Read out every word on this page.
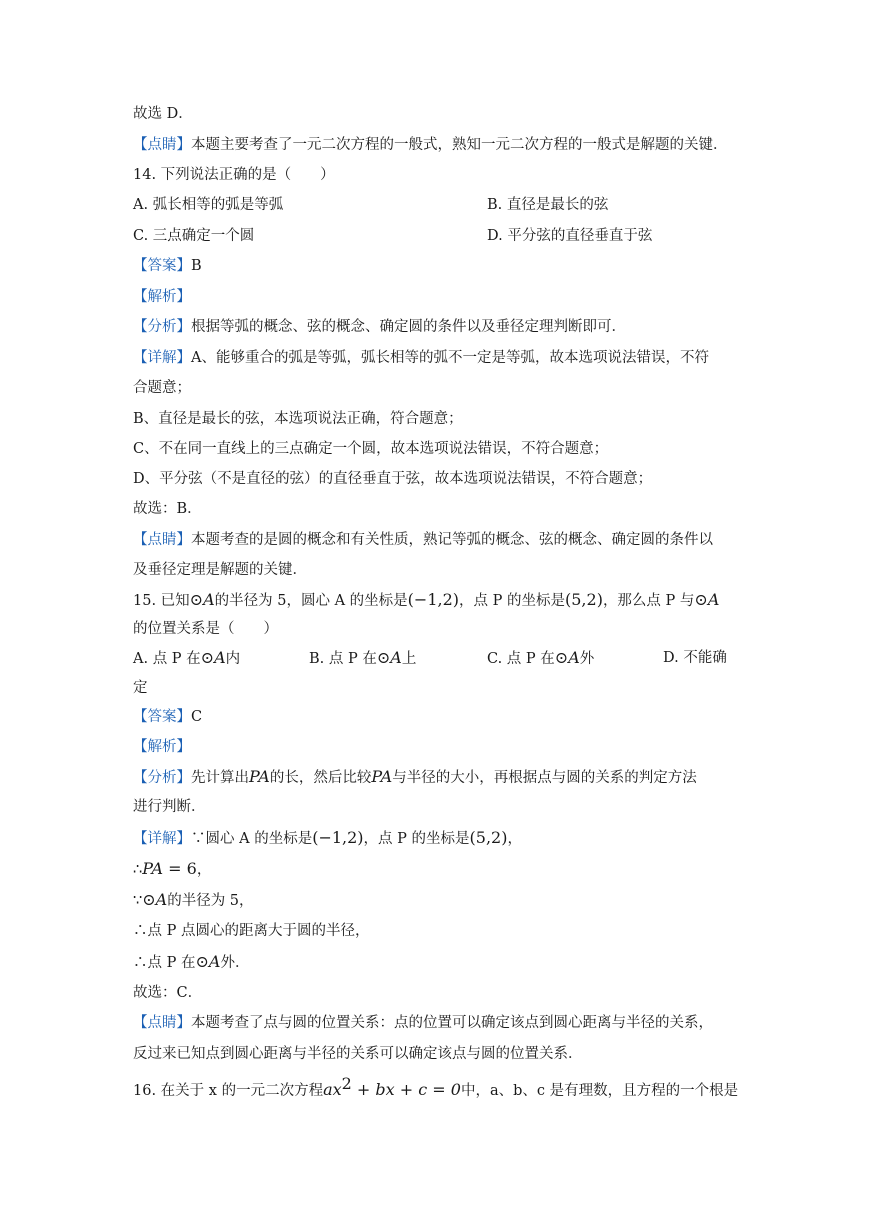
故选 D．
【点睛】本题主要考查了一元二次方程的一般式，熟知一元二次方程的一般式是解题的关键．
14. 下列说法正确的是（　　）
A. 弧长相等的弧是等弧	B. 直径是最长的弦
C. 三点确定一个圆	D. 平分弦的直径垂直于弦
【答案】B
【解析】
【分析】根据等弧的概念、弦的概念、确定圆的条件以及垂径定理判断即可．
【详解】A、能够重合的弧是等弧，弧长相等的弧不一定是等弧，故本选项说法错误，不符
合题意；
B、直径是最长的弦，本选项说法正确，符合题意；
C、不在同一直线上的三点确定一个圆，故本选项说法错误，不符合题意；
D、平分弦（不是直径的弦）的直径垂直于弦，故本选项说法错误，不符合题意；
故选：B．
【点睛】本题考查的是圆的概念和有关性质，熟记等弧的概念、弦的概念、确定圆的条件以
及垂径定理是解题的关键．
15. 已知⊙A的半径为 5，圆心 A 的坐标是(−1,2)，点 P 的坐标是(5,2)，那么点 P 与⊙A
的位置关系是（　　）
A. 点 P 在⊙A内	B. 点 P 在⊙A上	C. 点 P 在⊙A外	D. 不能确
定
【答案】C
【解析】
【分析】先计算出PA的长，然后比较PA与半径的大小，再根据点与圆的关系的判定方法
进行判断．
【详解】∵圆心 A 的坐标是(−1,2)，点 P 的坐标是(5,2)，
∴PA = 6，
∵⊙A的半径为 5，
∴点 P 点圆心的距离大于圆的半径，
∴点 P 在⊙A外．
故选：C．
【点睛】本题考查了点与圆的位置关系：点的位置可以确定该点到圆心距离与半径的关系，
反过来已知点到圆心距离与半径的关系可以确定该点与圆的位置关系．
16. 在关于 x 的一元二次方程$ax^2$ + bx + c = 0中，a、b、c 是有理数，且方程的一个根是
